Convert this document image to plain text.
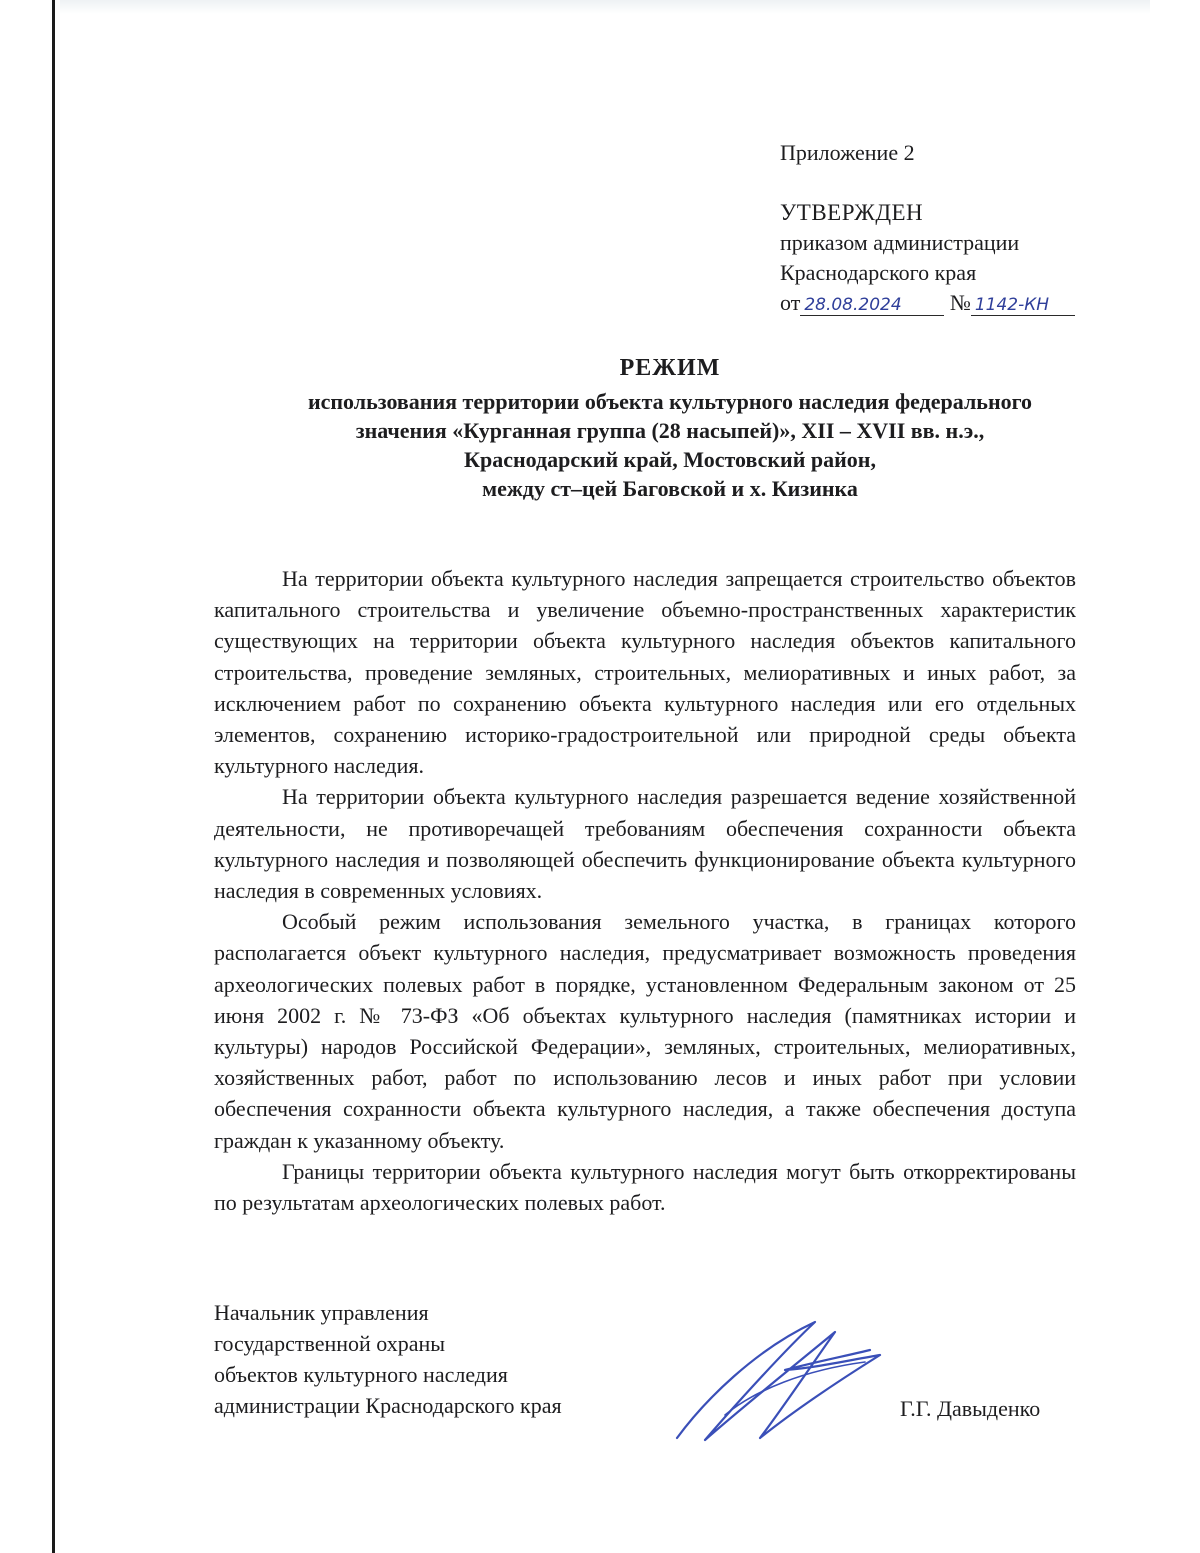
Приложение 2
УТВЕРЖДЕН
приказом администрации
Краснодарского края
от 28.08.2024 № 1142-КН
РЕЖИМ
использования территории объекта культурного наследия федерального
значения «Курганная группа (28 насыпей)», XII – XVII вв. н.э.,
Краснодарский край, Мостовский район,
между ст–цей Баговской и х. Кизинка

На территории объекта культурного наследия запрещается строительство объектов капитального строительства и увеличение объемно-пространственных характеристик существующих на территории объекта культурного наследия объектов капитального строительства, проведение земляных, строительных, мелиоративных и иных работ, за исключением работ по сохранению объекта культурного наследия или его отдельных элементов, сохранению историко-градостроительной или природной среды объекта культурного наследия.

На территории объекта культурного наследия разрешается ведение хозяйственной деятельности, не противоречащей требованиям обеспечения сохранности объекта культурного наследия и позволяющей обеспечить функционирование объекта культурного наследия в современных условиях.

Особый режим использования земельного участка, в границах которого располагается объект культурного наследия, предусматривает возможность проведения археологических полевых работ в порядке, установленном Федеральным законом от 25 июня 2002 г. № 73-ФЗ «Об объектах культурного наследия (памятниках истории и культуры) народов Российской Федерации», земляных, строительных, мелиоративных, хозяйственных работ, работ по использованию лесов и иных работ при условии обеспечения сохранности объекта культурного наследия, а также обеспечения доступа граждан к указанному объекту.

Границы территории объекта культурного наследия могут быть откорректированы по результатам археологических полевых работ.

Начальник управления
государственной охраны
объектов культурного наследия
администрации Краснодарского края	Г.Г. Давыденко
